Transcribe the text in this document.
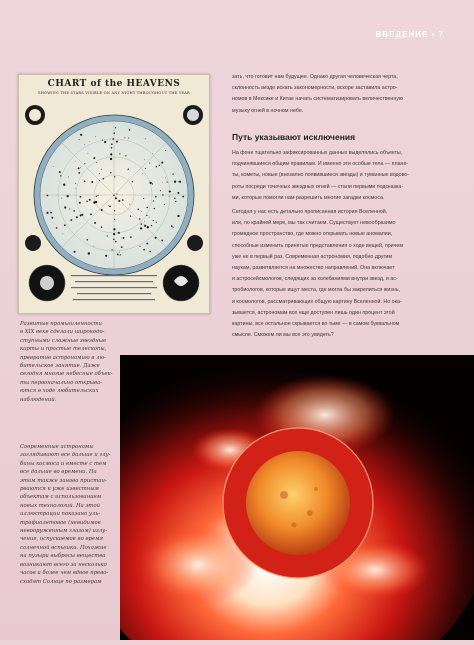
ВВЕДЕНИЕ • 7
CHART of the HEAVENS
SHOWING THE STARS VISIBLE ON ANY NIGHT THROUGHOUT THE YEAR
Развитые промышленности
в XIX веке сделали широкодо-
ступными сложные звездные
карты и простые телескопы,
превратив астрономию в лю-
бительское занятие. Даже
сегодня многие небесные объек-
ты первоначально открыва-
ются в ходе любительских
наблюдений.
Современные астрономы
заглядывают все дальше и глу-
бины космоса и вместе с тем
все дальше во времени. На
этом также заново пристаи-
рваются к уже известным
объектам с использованием
новых технологий. На этой
иллюстрации показано уль-
трафиолетовое (невидимое
невооруженным глазом) излу-
чение, испускаемое во время
солнечной вспышки. Похожие
на пузыри выбросы вещества
возникают всего за несколько
часов и более чем вдвое прево-
сходят Солнце по размерам
зать, что готовит нам будущее. Однако другая человеческая черта,
склонность везде искать закономерности, вскоре заставила астро-
номов в Мексике и Китае начать систематизировать величественную
музыку огней в ночном небе.
Путь указывают исключения
На фоне тщательно зафиксированных данных выделялись объекты,
подчинявшиеся общим правилам. И именно эти особые тела — плане-
ты, кометы, новые (внезапно появившиеся звезды) и туманные водово-
роты посреди точечных звездных огней — стали первыми подсказка-
ми, которые помогли нам разрешить многие загадки космоса.
Сегодня у нас есть детально прописанная история Вселенной,
или, по крайней мере, мы так считаем. Существует невообразимо
громадное пространство, где можно открывать новые аномалии,
способные изменить принятые представления о ходе вещей, причем
уже не в первый раз. Современная астрономия, подобно другим
наукам, разветвляется на множество направлений. Она включает
и астросейсмологов, следящих за колебаниями внутри звезд, и ас-
тробиологов, которые ищут места, где могла бы закрепиться жизнь,
и космологов, рассматривающих общую картину Вселенной. Но ока-
зывается, астрономам все еще доступен лишь один процент этой
картины, все остальное скрывается во тьме — в самом буквальном
смысле. Сможем ли мы все это увидеть?
